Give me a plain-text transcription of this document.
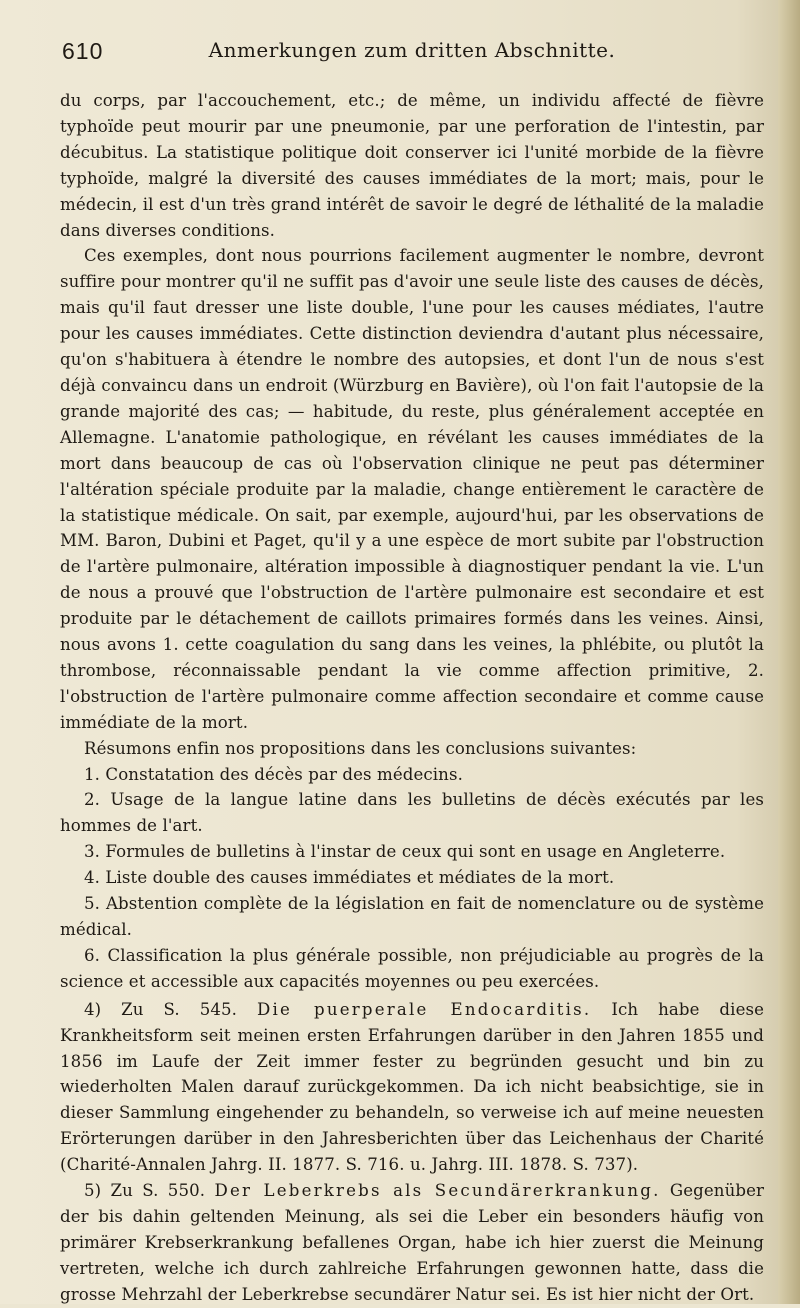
610	Anmerkungen zum dritten Abschnitte.

du corps, par l'accouchement, etc.; de même, un individu affecté de fièvre typhoïde peut mourir par une pneumonie, par une perforation de l'intestin, par décubitus. La statistique politique doit conserver ici l'unité morbide de la fièvre typhoïde, malgré la diversité des causes immédiates de la mort; mais, pour le médecin, il est d'un très grand intérêt de savoir le degré de léthalité de la maladie dans diverses conditions.

Ces exemples, dont nous pourrions facilement augmenter le nombre, devront suffire pour montrer qu'il ne suffit pas d'avoir une seule liste des causes de décès, mais qu'il faut dresser une liste double, l'une pour les causes médiates, l'autre pour les causes immédiates. Cette distinction deviendra d'autant plus nécessaire, qu'on s'habituera à étendre le nombre des autopsies, et dont l'un de nous s'est déjà convaincu dans un endroit (Würzburg en Bavière), où l'on fait l'autopsie de la grande majorité des cas; — habitude, du reste, plus généralement acceptée en Allemagne. L'anatomie pathologique, en révélant les causes immédiates de la mort dans beaucoup de cas où l'observation clinique ne peut pas déterminer l'altération spéciale produite par la maladie, change entièrement le caractère de la statistique médicale. On sait, par exemple, aujourd'hui, par les observations de MM. Baron, Dubini et Paget, qu'il y a une espèce de mort subite par l'obstruction de l'artère pulmonaire, altération impossible à diagnostiquer pendant la vie. L'un de nous a prouvé que l'obstruction de l'artère pulmonaire est secondaire et est produite par le détachement de caillots primaires formés dans les veines. Ainsi, nous avons 1. cette coagulation du sang dans les veines, la phlébite, ou plutôt la thrombose, réconnaissable pendant la vie comme affection primitive, 2. l'obstruction de l'artère pulmonaire comme affection secondaire et comme cause immédiate de la mort.

Résumons enfin nos propositions dans les conclusions suivantes:

1. Constatation des décès par des médecins.

2. Usage de la langue latine dans les bulletins de décès exécutés par les hommes de l'art.

3. Formules de bulletins à l'instar de ceux qui sont en usage en Angleterre.

4. Liste double des causes immédiates et médiates de la mort.

5. Abstention complète de la législation en fait de nomenclature ou de système médical.

6. Classification la plus générale possible, non préjudiciable au progrès de la science et accessible aux capacités moyennes ou peu exercées.

4) Zu S. 545. Die puerperale Endocarditis. Ich habe diese Krankheitsform seit meinen ersten Erfahrungen darüber in den Jahren 1855 und 1856 im Laufe der Zeit immer fester zu begründen gesucht und bin zu wiederholten Malen darauf zurückgekommen. Da ich nicht beabsichtige, sie in dieser Sammlung eingehender zu behandeln, so verweise ich auf meine neuesten Erörterungen darüber in den Jahresberichten über das Leichenhaus der Charité (Charité-Annalen Jahrg. II. 1877. S. 716. u. Jahrg. III. 1878. S. 737).

5) Zu S. 550. Der Leberkrebs als Secundärerkrankung. Gegenüber der bis dahin geltenden Meinung, als sei die Leber ein besonders häufig von primärer Krebserkrankung befallenes Organ, habe ich hier zuerst die Meinung vertreten, welche ich durch zahlreiche Erfahrungen gewonnen hatte, dass die grosse Mehrzahl der Leberkrebse secundärer Natur sei. Es ist hier nicht der Ort.
